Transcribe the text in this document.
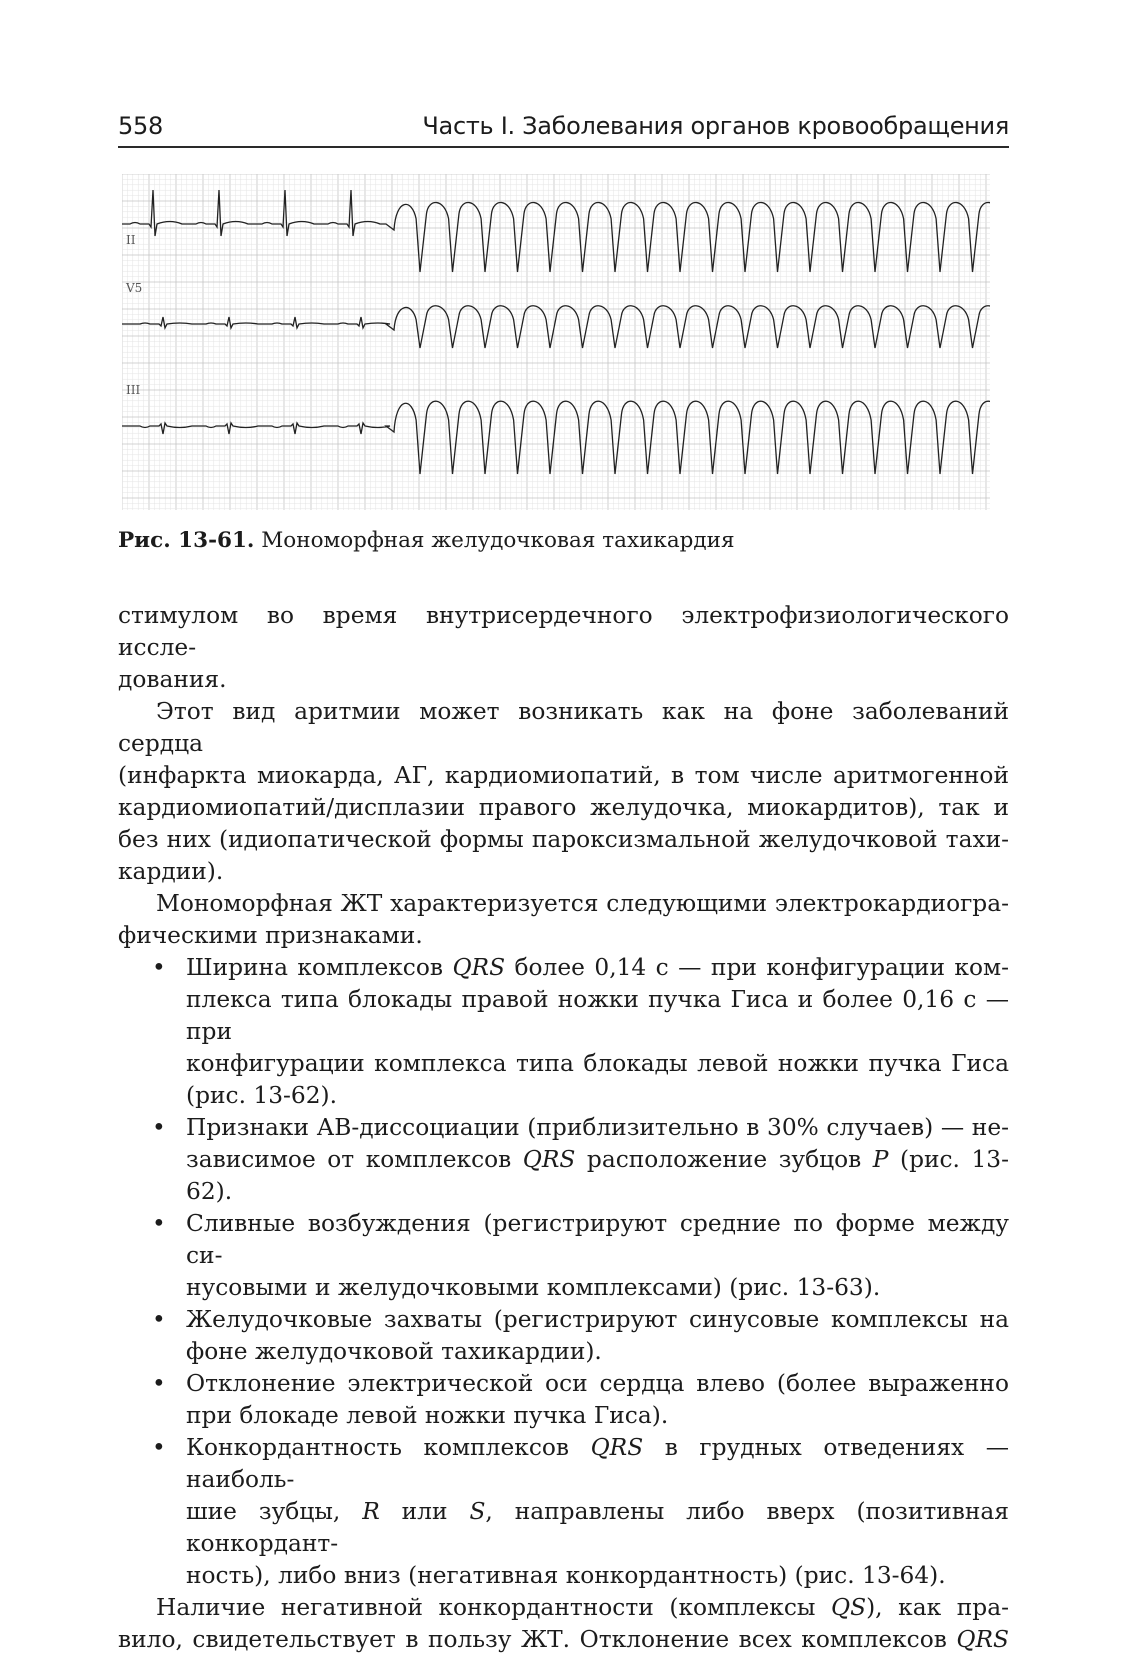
558	Часть I. Заболевания органов кровообращения
II
V5
III
Рис. 13-61. Мономорфная желудочковая тахикардия

стимулом во время внутрисердечного электрофизиологического иссле-

дования.

Этот вид аритмии может возникать как на фоне заболеваний сердца

(инфаркта миокарда, АГ, кардиомиопатий, в том числе аритмогенной

кардиомиопатий/дисплазии правого желудочка, миокардитов), так и

без них (идиопатической формы пароксизмальной желудочковой тахи-

кардии).

Мономорфная ЖТ характеризуется следующими электрокардиогра-

фическими признаками.

• Ширина комплексов QRS более 0,14 с — при конфигурации ком-

плекса типа блокады правой ножки пучка Гиса и более 0,16 с — при

конфигурации комплекса типа блокады левой ножки пучка Гиса

(рис. 13-62).

• Признаки АВ-диссоциации (приблизительно в 30% случаев) — не-

зависимое от комплексов QRS расположение зубцов P (рис. 13-62).

• Сливные возбуждения (регистрируют средние по форме между си-

нусовыми и желудочковыми комплексами) (рис. 13-63).

• Желудочковые захваты (регистрируют синусовые комплексы на

фоне желудочковой тахикардии).

• Отклонение электрической оси сердца влево (более выраженно

при блокаде левой ножки пучка Гиса).

• Конкордантность комплексов QRS в грудных отведениях — наиболь-

шие зубцы, R или S, направлены либо вверх (позитивная конкордант-

ность), либо вниз (негативная конкордантность) (рис. 13-64).

Наличие негативной конкордантности (комплексы QS), как пра-

вило, свидетельствует в пользу ЖТ. Отклонение всех комплексов QRS
